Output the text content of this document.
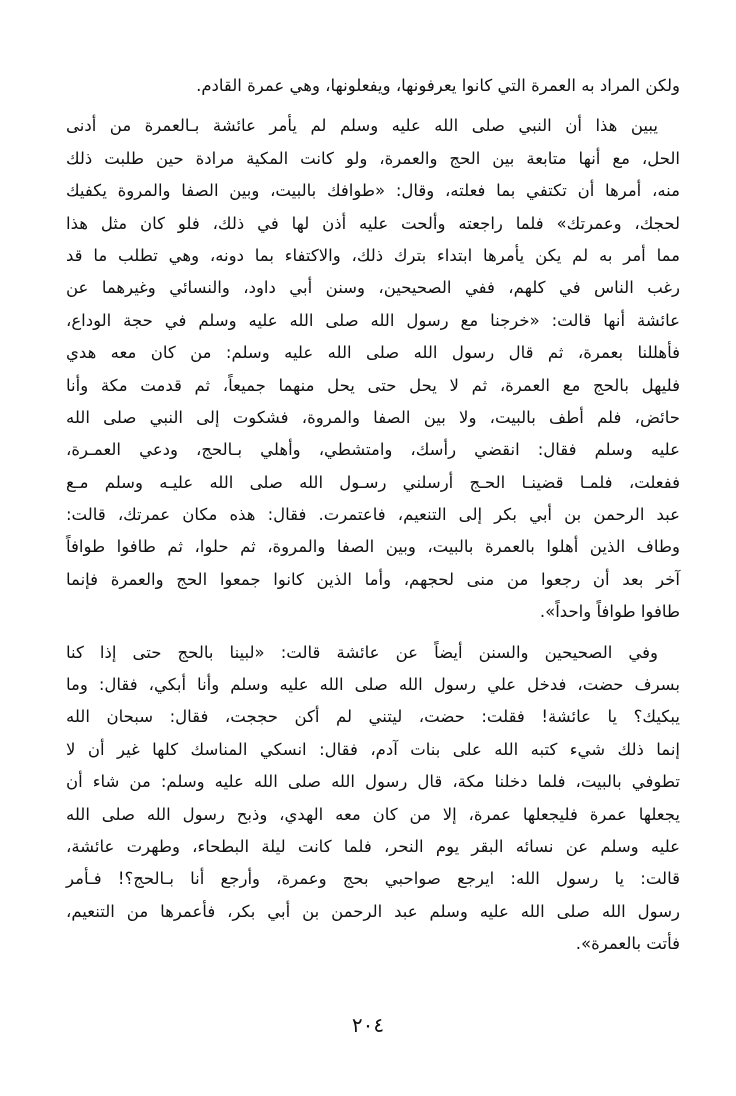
ولكن المراد به العمرة التي كانوا يعرفونها، ويفعلونها، وهي عمرة القادم.
يبين هذا أن النبي صلى الله عليه وسلم لم يأمر عائشة بـالعمرة من أدنى
الحل، مع أنها متابعة بين الحج والعمرة، ولو كانت المكية مرادة حين طلبت ذلك
منه، أمرها أن تكتفي بما فعلته، وقال: «طوافك بالبيت، وبين الصفا والمروة يكفيك
لحجك، وعمرتك» فلما راجعته وألحت عليه أذن لها في ذلك، فلو كان مثل هذا
مما أمر به لم يكن يأمرها ابتداء بترك ذلك، والاكتفاء بما دونه، وهي تطلب ما قد
رغب الناس في كلهم، ففي الصحيحين، وسنن أبي داود، والنسائي وغيرهما عن
عائشة أنها قالت: «خرجنا مع رسول الله صلى الله عليه وسلم في حجة الوداع،
فأهللنا بعمرة، ثم قال رسول الله صلى الله عليه وسلم: من كان معه هدي
فليهل بالحج مع العمرة، ثم لا يحل حتى يحل منهما جميعاً، ثم قدمت مكة وأنا
حائض، فلم أطف بالبيت، ولا بين الصفا والمروة، فشكوت إلى النبي صلى الله
عليه وسلم فقال: انقضي رأسك، وامتشطي، وأهلي بـالحج، ودعي العمـرة،
ففعلت، فلمـا قضينـا الحـج أرسلني رسـول الله صلى الله عليـه وسلم مـع
عبد الرحمن بن أبي بكر إلى التنعيم، فاعتمرت. فقال: هذه مكان عمرتك، قالت:
وطاف الذين أهلوا بالعمرة بالبيت، وبين الصفا والمروة، ثم حلوا، ثم طافوا طوافاً
آخر بعد أن رجعوا من منى لحجهم، وأما الذين كانوا جمعوا الحج والعمرة فإنما
طافوا طوافاً واحداً».
وفي الصحيحين والسنن أيضاً عن عائشة قالت: «لبينا بالحج حتى إذا كنا
بسرف حضت، فدخل علي رسول الله صلى الله عليه وسلم وأنا أبكي، فقال: وما
يبكيك؟ يا عائشة! فقلت: حضت، ليتني لم أكن حججت، فقال: سبحان الله
إنما ذلك شيء كتبه الله على بنات آدم، فقال: انسكي المناسك كلها غير أن لا
تطوفي بالبيت، فلما دخلنا مكة، قال رسول الله صلى الله عليه وسلم: من شاء أن
يجعلها عمرة فليجعلها عمرة، إلا من كان معه الهدي، وذبح رسول الله صلى الله
عليه وسلم عن نسائه البقر يوم النحر، فلما كانت ليلة البطحاء، وطهرت عائشة،
قالت: يا رسول الله: ايرجع صواحبي بحج وعمرة، وأرجع أنا بـالحج؟! فـأمر
رسول الله صلى الله عليه وسلم عبد الرحمن بن أبي بكر، فأعمرها من التنعيم،
فأتت بالعمرة».
٢٠٤
